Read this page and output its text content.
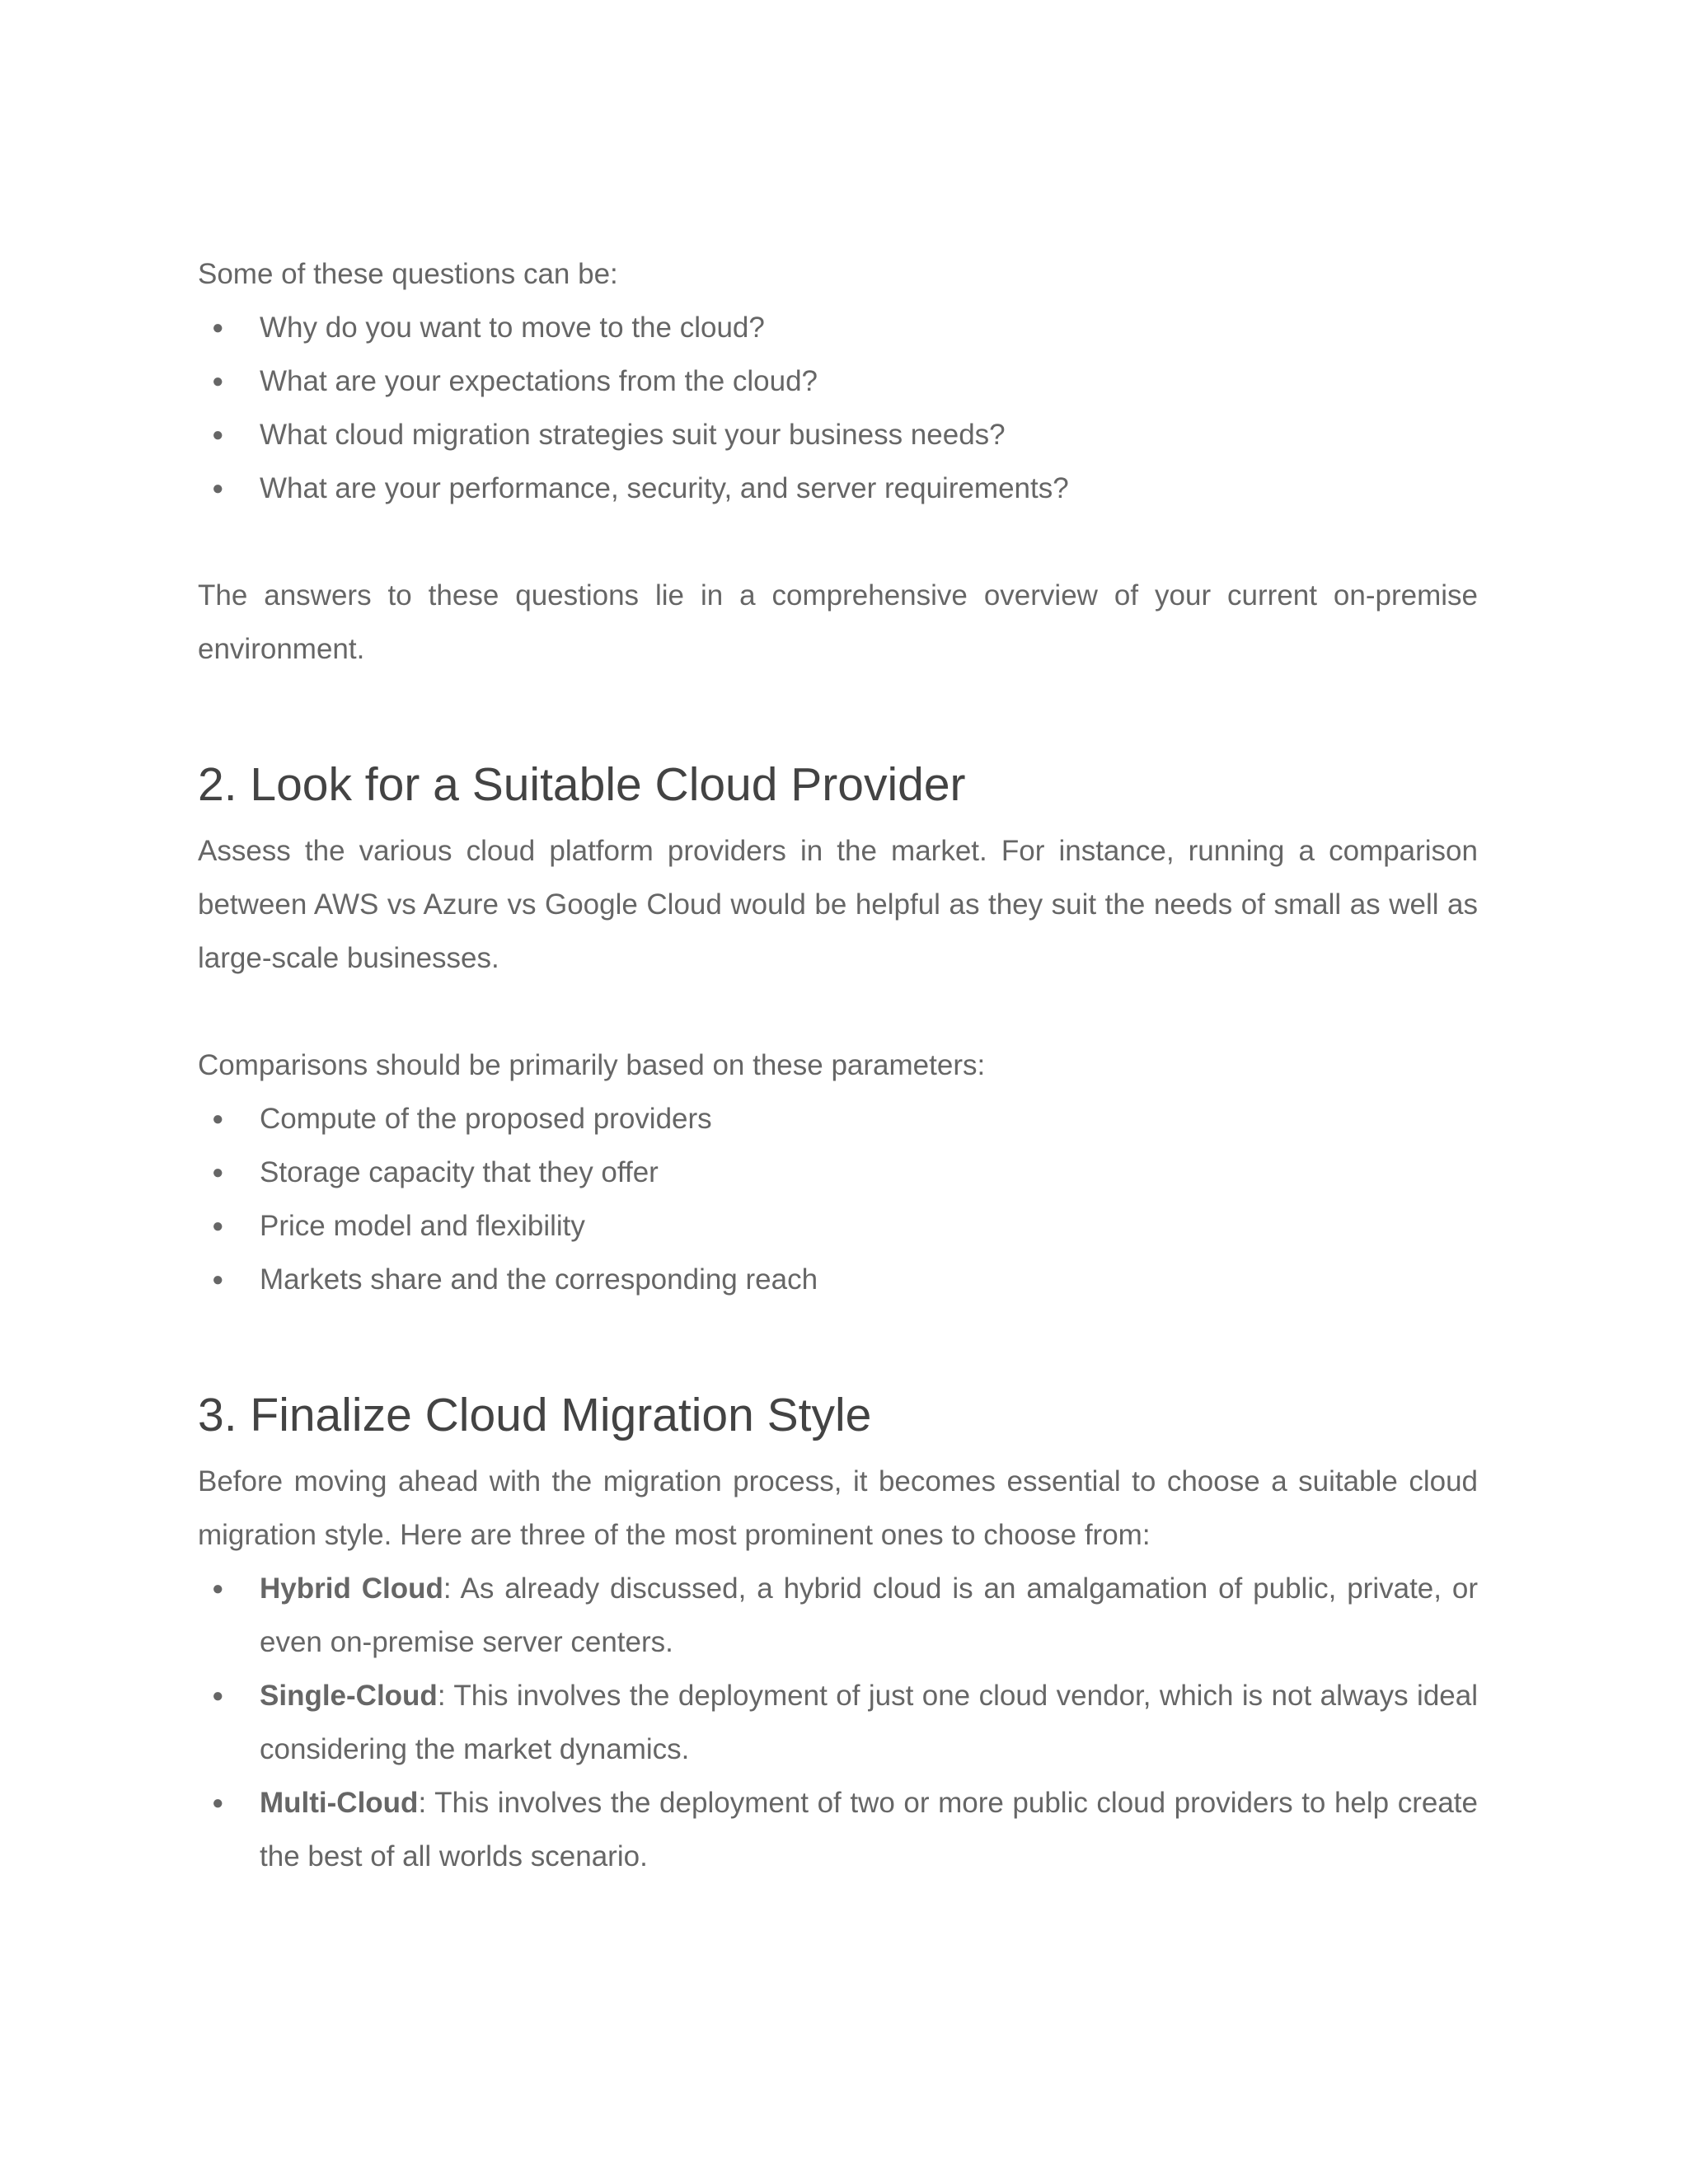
Some of these questions can be:

● Why do you want to move to the cloud?
● What are your expectations from the cloud?
● What cloud migration strategies suit your business needs?
● What are your performance, security, and server requirements?

The answers to these questions lie in a comprehensive overview of your current on-premise environment.

2. Look for a Suitable Cloud Provider

Assess the various cloud platform providers in the market. For instance, running a comparison between AWS vs Azure vs Google Cloud would be helpful as they suit the needs of small as well as large-scale businesses.

Comparisons should be primarily based on these parameters:

● Compute of the proposed providers
● Storage capacity that they offer
● Price model and flexibility
● Markets share and the corresponding reach
3. Finalize Cloud Migration Style

Before moving ahead with the migration process, it becomes essential to choose a suitable cloud migration style. Here are three of the most prominent ones to choose from:

● Hybrid Cloud: As already discussed, a hybrid cloud is an amalgamation of public, private, or even on-premise server centers.
● Single-Cloud: This involves the deployment of just one cloud vendor, which is not always ideal considering the market dynamics.
● Multi-Cloud: This involves the deployment of two or more public cloud providers to help create the best of all worlds scenario.
